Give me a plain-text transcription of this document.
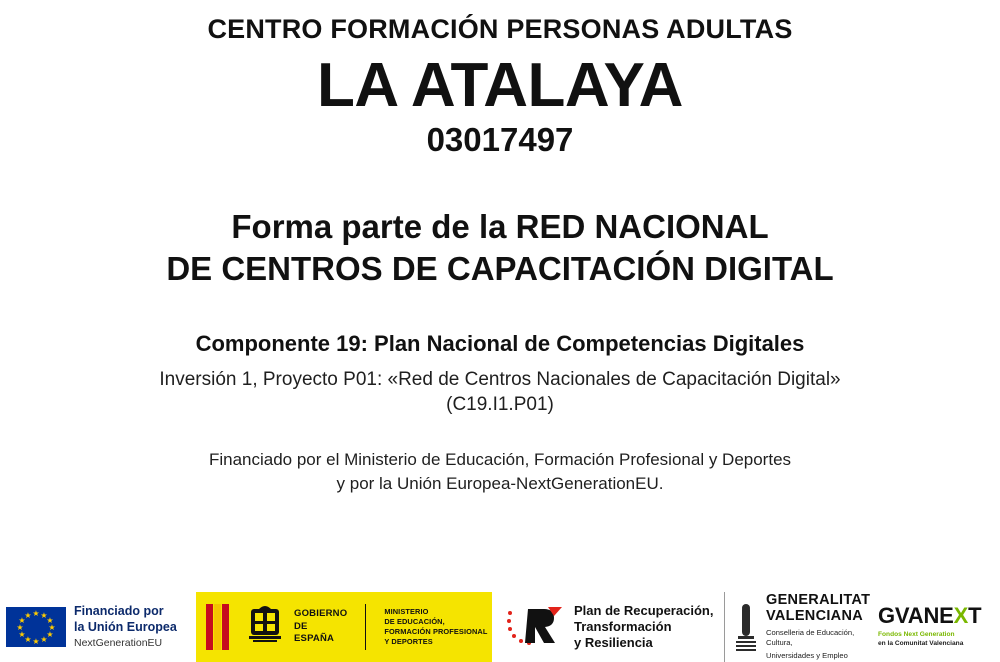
CENTRO FORMACIÓN PERSONAS ADULTAS
LA ATALAYA
03017497
Forma parte de la RED NACIONAL
DE CENTROS DE CAPACITACIÓN DIGITAL
Componente 19: Plan Nacional de Competencias Digitales
Inversión 1, Proyecto P01: «Red de Centros Nacionales de Capacitación Digital»
(C19.I1.P01)
Financiado por el Ministerio de Educación, Formación Profesional y Deportes
y por la Unión Europea-NextGenerationEU.
★ ★
★
★
★
★
★
★
★
★
★
★	Financiado por
la Unión Europea
NextGenerationEU
GOBIERNO
DE ESPAÑA
MINISTERIO
DE EDUCACIÓN, FORMACIÓN PROFESIONAL
Y DEPORTES
Plan de Recuperación,
Transformación
y Resiliencia
GENERALITAT
VALENCIANA
Conselleria de Educación, Cultura,
Universidades y Empleo
GVANEXT
Fondos Next Generation
en la Comunitat Valenciana
